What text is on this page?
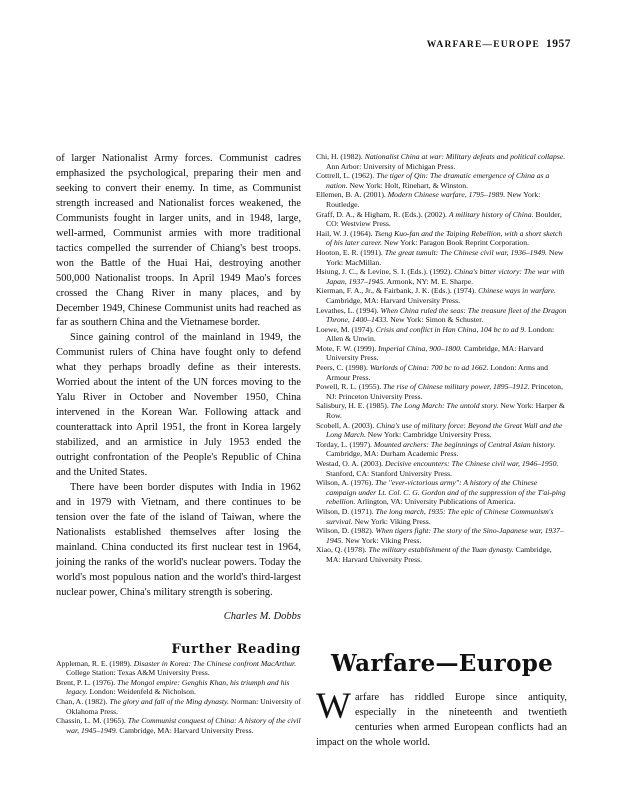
WARFARE—EUROPE 1957

of larger Nationalist Army forces. Communist cadres emphasized the psychological, preparing their men and seeking to convert their enemy. In time, as Communist strength increased and Nationalist forces weakened, the Communists fought in larger units, and in 1948, large, well-armed, Communist armies with more traditional tactics compelled the surrender of Chiang's best troops. won the Battle of the Huai Hai, destroying another 500,000 Nationalist troops. In April 1949 Mao's forces crossed the Chang River in many places, and by December 1949, Chinese Communist units had reached as far as southern China and the Vietnamese border.

Since gaining control of the mainland in 1949, the Communist rulers of China have fought only to defend what they perhaps broadly define as their interests. Worried about the intent of the UN forces moving to the Yalu River in October and November 1950, China intervened in the Korean War. Following attack and counterattack into April 1951, the front in Korea largely stabilized, and an armistice in July 1953 ended the outright confrontation of the People's Republic of China and the United States.

There have been border disputes with India in 1962 and in 1979 with Vietnam, and there continues to be tension over the fate of the island of Taiwan, where the Nationalists established themselves after losing the mainland. China conducted its first nuclear test in 1964, joining the ranks of the world's nuclear powers. Today the world's most populous nation and the world's third-largest nuclear power, China's military strength is sobering.

Charles M. Dobbs
Further Reading

Appleman, R. E. (1989). Disaster in Korea: The Chinese confront MacArthur. College Station: Texas A&M University Press.

Brent, P. L. (1976). The Mongol empire: Genghis Khan, his triumph and his legacy. London: Weidenfeld & Nicholson.

Chan, A. (1982). The glory and fall of the Ming dynasty. Norman: University of Oklahoma Press.

Chassin, L. M. (1965). The Communist conquest of China: A history of the civil war, 1945–1949. Cambridge, MA: Harvard University Press.

Chi, H. (1982). Nationalist China at war: Military defeats and political collapse. Ann Arbor: University of Michigan Press.

Cottrell, L. (1962). The tiger of Qin: The dramatic emergence of China as a nation. New York: Holt, Rinehart, & Winston.

Ellemen, B. A. (2001). Modern Chinese warfare, 1795–1989. New York: Routledge.

Graff, D. A., & Higham, R. (Eds.). (2002). A military history of China. Boulder, CO: Westview Press.

Hail, W. J. (1964). Tseng Kuo-fan and the Taiping Rebellion, with a short sketch of his later career. New York: Paragon Book Reprint Corporation.

Hooton, E. R. (1991). The great tumult: The Chinese civil war, 1936–1949. New York: MacMillan.

Hsiung, J. C., & Levine, S. I. (Eds.). (1992). China's bitter victory: The war with Japan, 1937–1945. Armonk, NY: M. E. Sharpe.

Kierman, F. A., Jr., & Fairbank, J. K. (Eds.). (1974). Chinese ways in warfare. Cambridge, MA: Harvard University Press.

Levathes, L. (1994). When China ruled the seas: The treasure fleet of the Dragon Throne, 1400–1433. New York: Simon & Schuster.

Loewe, M. (1974). Crisis and conflict in Han China, 104 bc to ad 9. London: Allen & Unwin.

Mote, F. W. (1999). Imperial China, 900–1800. Cambridge, MA: Harvard University Press.

Peers, C. (1998). Warlords of China: 700 bc to ad 1662. London: Arms and Armour Press.

Powell, R. L. (1955). The rise of Chinese military power, 1895–1912. Princeton, NJ: Princeton University Press.

Salisbury, H. E. (1985). The Long March: The untold story. New York: Harper & Row.

Scobell, A. (2003). China's use of military force: Beyond the Great Wall and the Long March. New York: Cambridge University Press.

Torday, L. (1997). Mounted archers: The beginnings of Central Asian history. Cambridge, MA: Durham Academic Press.

Westad, O. A. (2003). Decisive encounters: The Chinese civil war, 1946–1950. Stanford, CA: Stanford University Press.

Wilson, A. (1976). The "ever-victorious army": A history of the Chinese campaign under Lt. Col. C. G. Gordon and of the suppression of the T'ai-ping rebellion. Arlington, VA: University Publications of America.

Wilson, D. (1971). The long march, 1935: The epic of Chinese Communism's survival. New York: Viking Press.

Wilson, D. (1982). When tigers fight: The story of the Sino-Japanese war, 1937–1945. New York: Viking Press.

Xiao, Q. (1978). The military establishment of the Yuan dynasty. Cambridge, MA: Harvard University Press.

Warfare—Europe
Warfare has riddled Europe since antiquity, especially in the nineteenth and twentieth centuries when armed European conflicts had an impact on the whole world.
